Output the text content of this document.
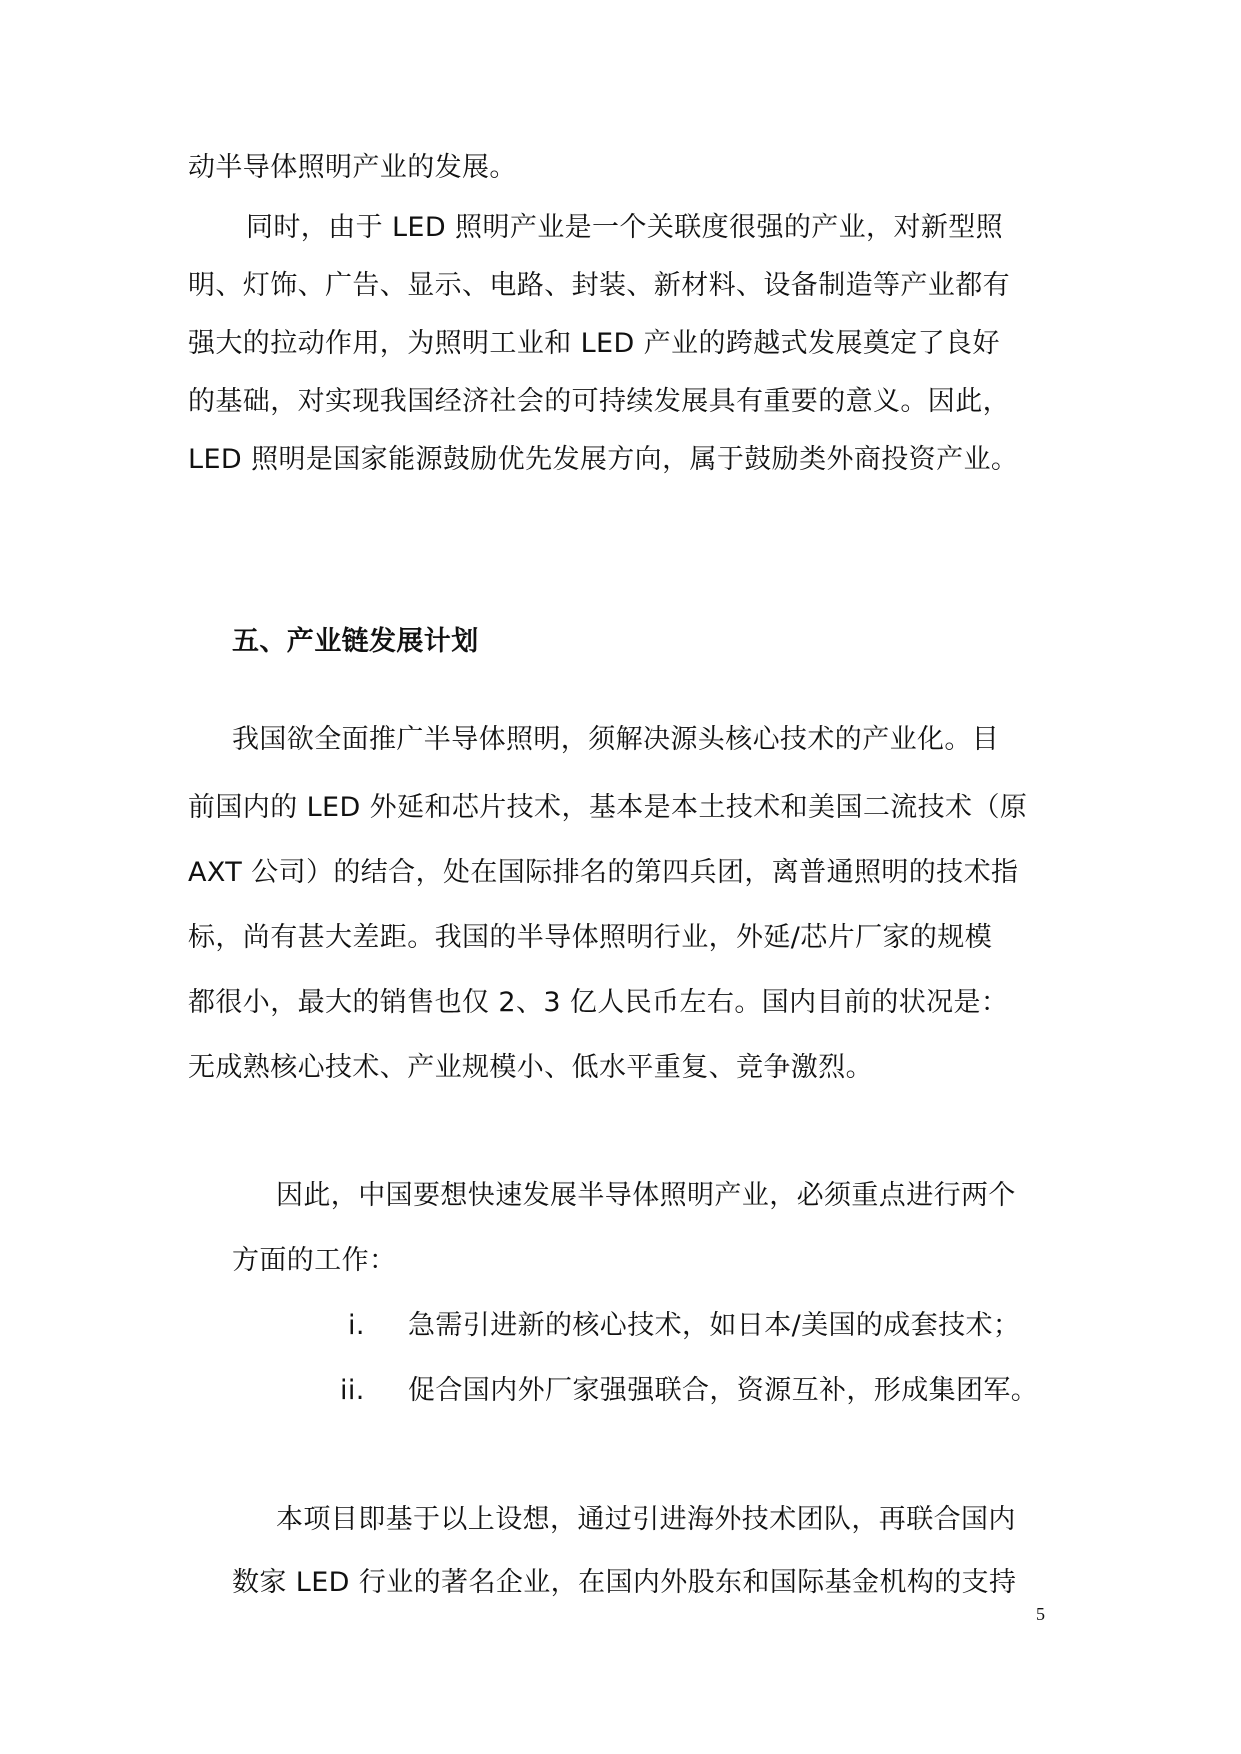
动半导体照明产业的发展。
同时，由于 LED 照明产业是一个关联度很强的产业，对新型照
明、灯饰、广告、显示、电路、封装、新材料、设备制造等产业都有
强大的拉动作用，为照明工业和 LED 产业的跨越式发展奠定了良好
的基础，对实现我国经济社会的可持续发展具有重要的意义。因此，
LED 照明是国家能源鼓励优先发展方向，属于鼓励类外商投资产业。
五、产业链发展计划
我国欲全面推广半导体照明，须解决源头核心技术的产业化。目
前国内的 LED 外延和芯片技术，基本是本土技术和美国二流技术（原
AXT 公司）的结合，处在国际排名的第四兵团，离普通照明的技术指
标，尚有甚大差距。我国的半导体照明行业，外延/芯片厂家的规模
都很小，最大的销售也仅 2、3 亿人民币左右。国内目前的状况是：
无成熟核心技术、产业规模小、低水平重复、竞争激烈。
因此，中国要想快速发展半导体照明产业，必须重点进行两个
方面的工作：
i. 急需引进新的核心技术，如日本/美国的成套技术；
ii. 促合国内外厂家强强联合，资源互补，形成集团军。
本项目即基于以上设想，通过引进海外技术团队，再联合国内
数家 LED 行业的著名企业，在国内外股东和国际基金机构的支持
5
